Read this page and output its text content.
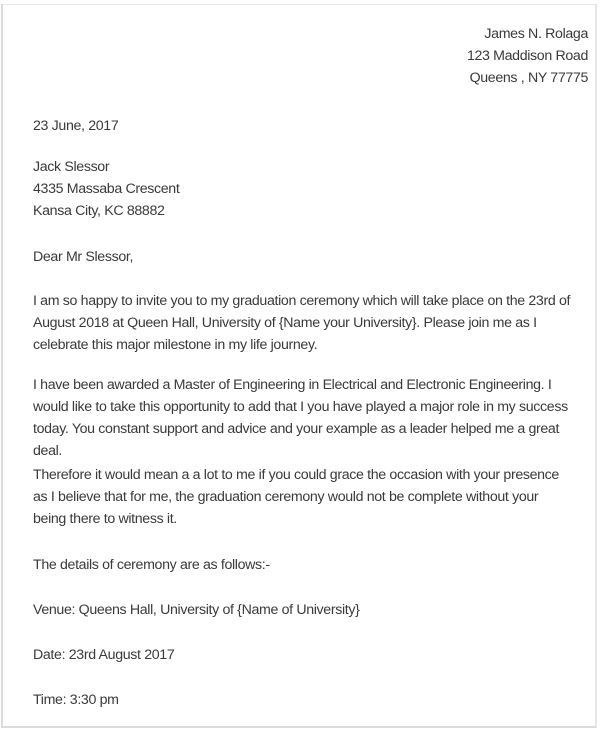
James N. Rolaga
123 Maddison Road
Queens , NY 77775
23 June, 2017
Jack Slessor
4335 Massaba Crescent
Kansa City, KC 88882
Dear Mr Slessor,
I am so happy to invite you to my graduation ceremony which will take place on the 23rd of August 2018 at Queen Hall, University of {Name your University}. Please join me as I celebrate this major milestone in my life journey.
I have been awarded a Master of Engineering in Electrical and Electronic Engineering. I would like to take this opportunity to add that I you have played a major role in my success today. You constant support and advice and your example as a leader helped me a great deal.
Therefore it would mean a a lot to me if you could grace the occasion with your presence as I believe that for me, the graduation ceremony would not be complete without your being there to witness it.
The details of ceremony are as follows:-
Venue: Queens Hall, University of {Name of University}
Date: 23rd August 2017
Time: 3:30 pm
